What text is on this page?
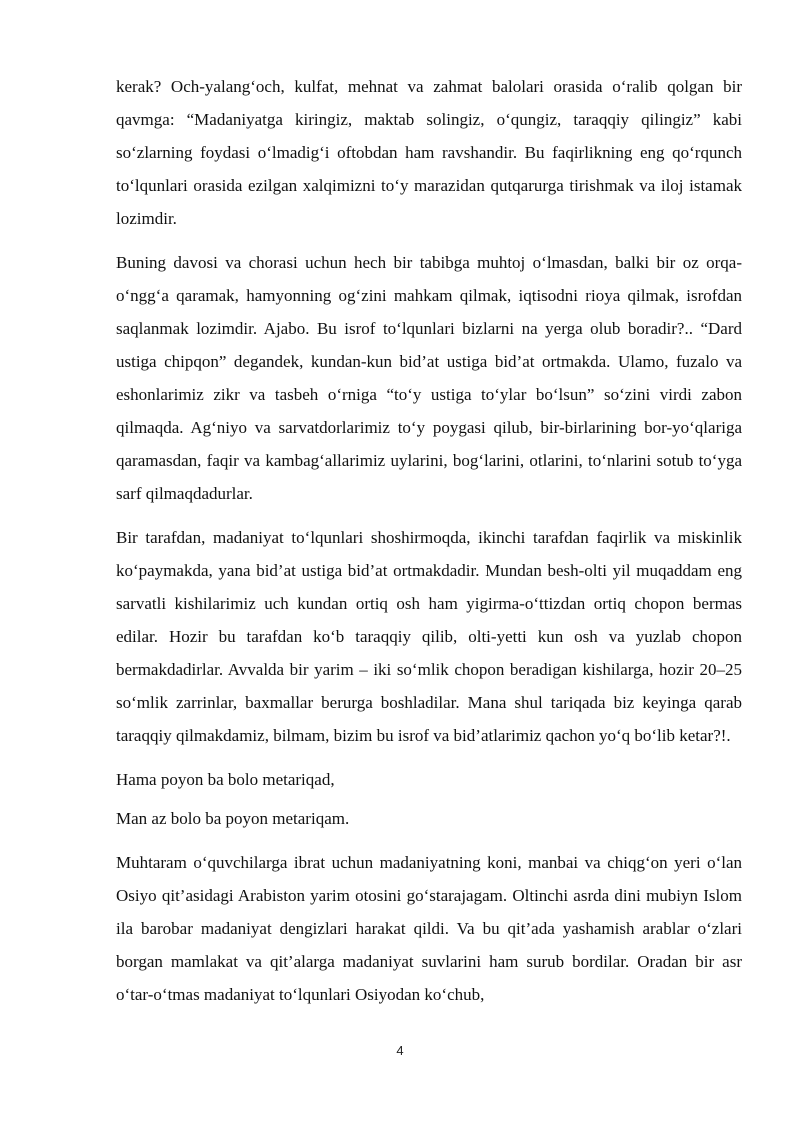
kerak? Och-yalang‘och, kulfat, mehnat va zahmat balolari orasida o‘ralib qolgan bir qavmga: “Madaniyatga kiringiz, maktab solingiz, o‘qungiz, taraqqiy qilingiz” kabi so‘zlarning foydasi o‘lmadig‘i oftobdan ham ravshandir. Bu faqirlikning eng qo‘rqunch to‘lqunlari orasida ezilgan xalqimizni to‘y marazidan qutqarurga tirishmak va iloj istamak lozimdir.

Buning davosi va chorasi uchun hech bir tabibga muhtoj o‘lmasdan, balki bir oz orqa-o‘ngg‘a qaramak, hamyonning og‘zini mahkam qilmak, iqtisodni rioya qilmak, isrofdan saqlanmak lozimdir. Ajabo. Bu isrof to‘lqunlari bizlarni na yerga olub boradir?.. “Dard ustiga chipqon” degandek, kundan-kun bid’at ustiga bid’at ortmakda. Ulamo, fuzalo va eshonlarimiz zikr va tasbeh o‘rniga “to‘y ustiga to‘ylar bo‘lsun” so‘zini virdi zabon qilmaqda. Ag‘niyo va sarvatdorlarimiz to‘y poygasi qilub, bir-birlarining bor-yo‘qlariga qaramasdan, faqir va kambag‘allarimiz uylarini, bog‘larini, otlarini, to‘nlarini sotub to‘yga sarf qilmaqdadurlar.

Bir tarafdan, madaniyat to‘lqunlari shoshirmoqda, ikinchi tarafdan faqirlik va miskinlik ko‘paymakda, yana bid’at ustiga bid’at ortmakdadir. Mundan besh-olti yil muqaddam eng sarvatli kishilarimiz uch kundan ortiq osh ham yigirma-o‘ttizdan ortiq chopon bermas edilar. Hozir bu tarafdan ko‘b taraqqiy qilib, olti-yetti kun osh va yuzlab chopon bermakdadirlar. Avvalda bir yarim – iki so‘mlik chopon beradigan kishilarga, hozir 20–25 so‘mlik zarrinlar, baxmallar berurga boshladilar. Mana shul tariqada biz keyinga qarab taraqqiy qilmakdamiz, bilmam, bizim bu isrof va bid’atlarimiz qachon yo‘q bo‘lib ketar?!.

Hama poyon ba bolo metariqad,

Man az bolo ba poyon metariqam.

Muhtaram o‘quvchilarga ibrat uchun madaniyatning koni, manbai va chiqg‘on yeri o‘lan Osiyo qit’asidagi Arabiston yarim otosini go‘starajagam. Oltinchi asrda dini mubiyn Islom ila barobar madaniyat dengizlari harakat qildi. Va bu qit’ada yashamish arablar o‘zlari borgan mamlakat va qit’alarga madaniyat suvlarini ham surub bordilar. Oradan bir asr o‘tar-o‘tmas madaniyat to‘lqunlari Osiyodan ko‘chub,

4
